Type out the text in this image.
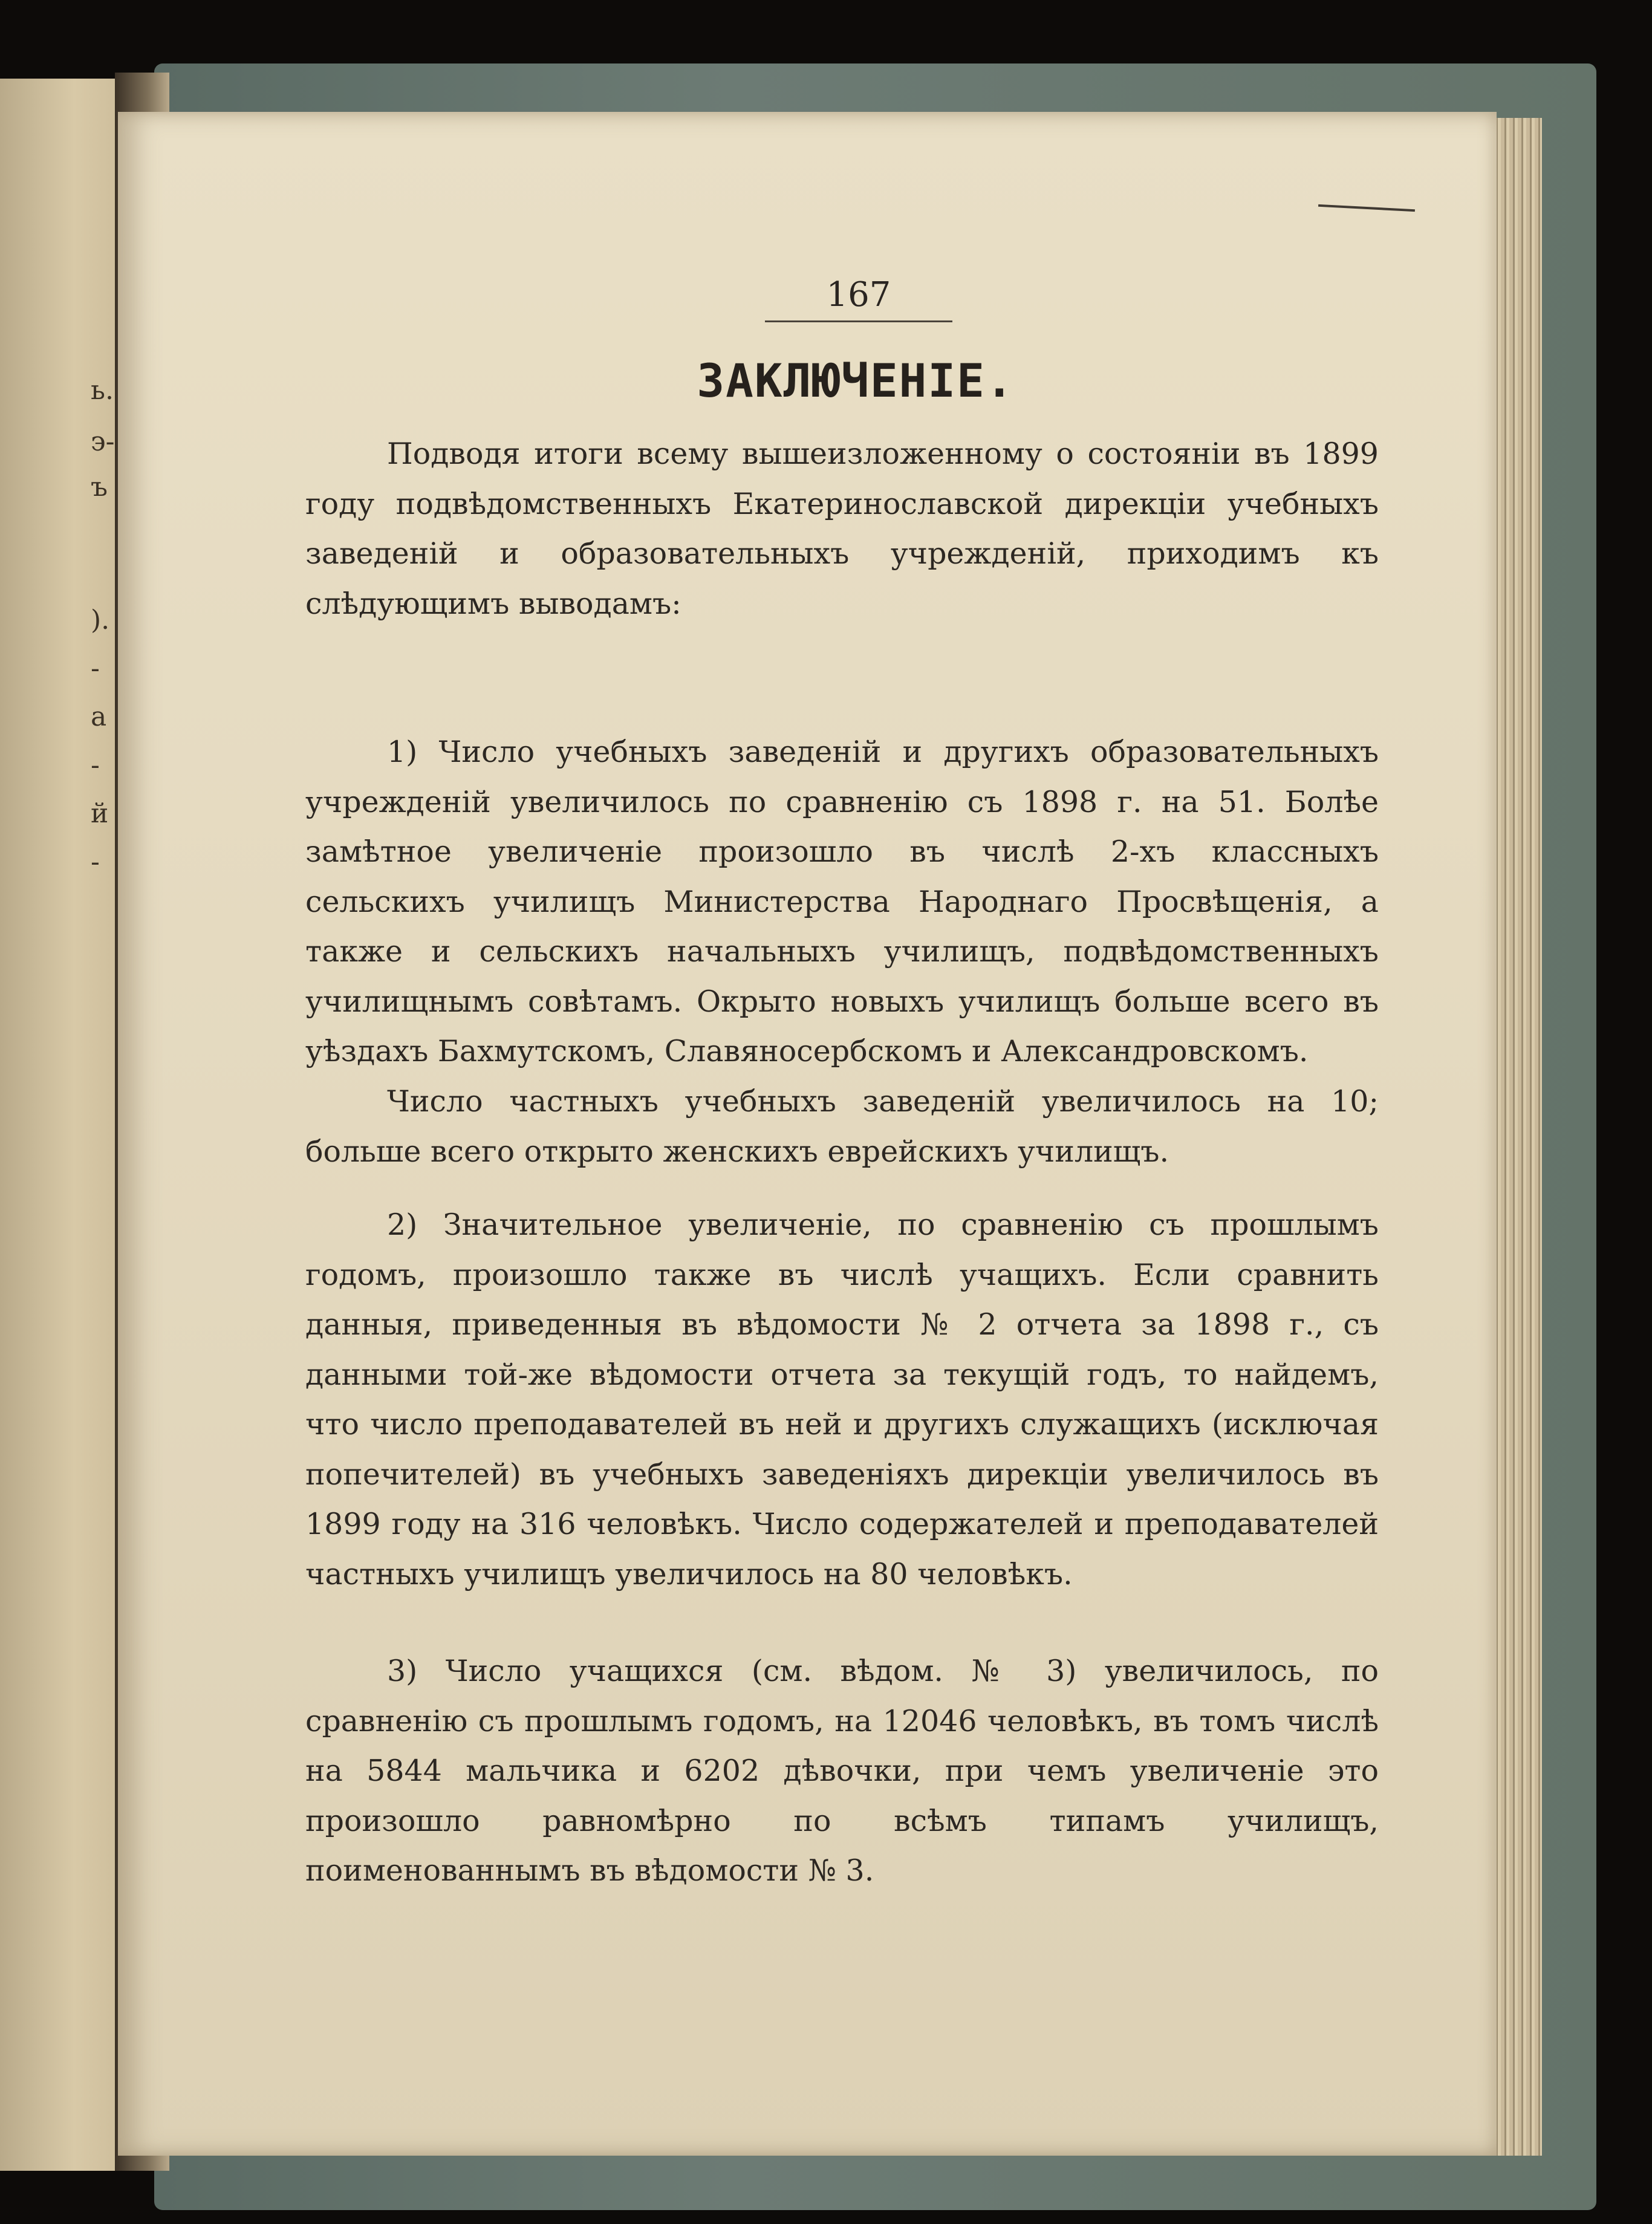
ь.
э-
ъ
).
-
а
-
й
-
167
ЗАКЛЮЧЕНІЕ.

Подводя итоги всему вышеизложенному о состояніи въ 1899 году подвѣдомственныхъ Екатеринославской дирекціи учебныхъ заведеній и образовательныхъ учрежденій, приходимъ къ слѣдующимъ выводамъ:

1) Число учебныхъ заведеній и другихъ образовательныхъ учрежденій увеличилось по сравненію съ 1898 г. на 51. Болѣе замѣтное увеличеніе произошло въ числѣ 2-хъ классныхъ сельскихъ училищъ Министерства Народнаго Просвѣщенія, а также и сельскихъ начальныхъ училищъ, подвѣдомственныхъ училищнымъ совѣтамъ. Окрыто новыхъ училищъ больше всего въ уѣздахъ Бахмутскомъ, Славяносербскомъ и Александровскомъ.

Число частныхъ учебныхъ заведеній увеличилось на 10; больше всего открыто женскихъ еврейскихъ училищъ.

2) Значительное увеличеніе, по сравненію съ прошлымъ годомъ, произошло также въ числѣ учащихъ. Если сравнить данныя, приведенныя въ вѣдомости № 2 отчета за 1898 г., съ данными той-же вѣдомости отчета за текущій годъ, то найдемъ, что число преподавателей въ ней и другихъ служащихъ (исключая попечителей) въ учебныхъ заведеніяхъ дирекціи увеличилось въ 1899 году на 316 человѣкъ. Число содержателей и преподавателей частныхъ училищъ увеличилось на 80 человѣкъ.

3) Число учащихся (см. вѣдом. № 3) увеличилось, по сравненію съ прошлымъ годомъ, на 12046 человѣкъ, въ томъ числѣ на 5844 мальчика и 6202 дѣвочки, при чемъ увеличеніе это произошло равномѣрно по всѣмъ типамъ училищъ, поименованнымъ въ вѣдомости № 3.
